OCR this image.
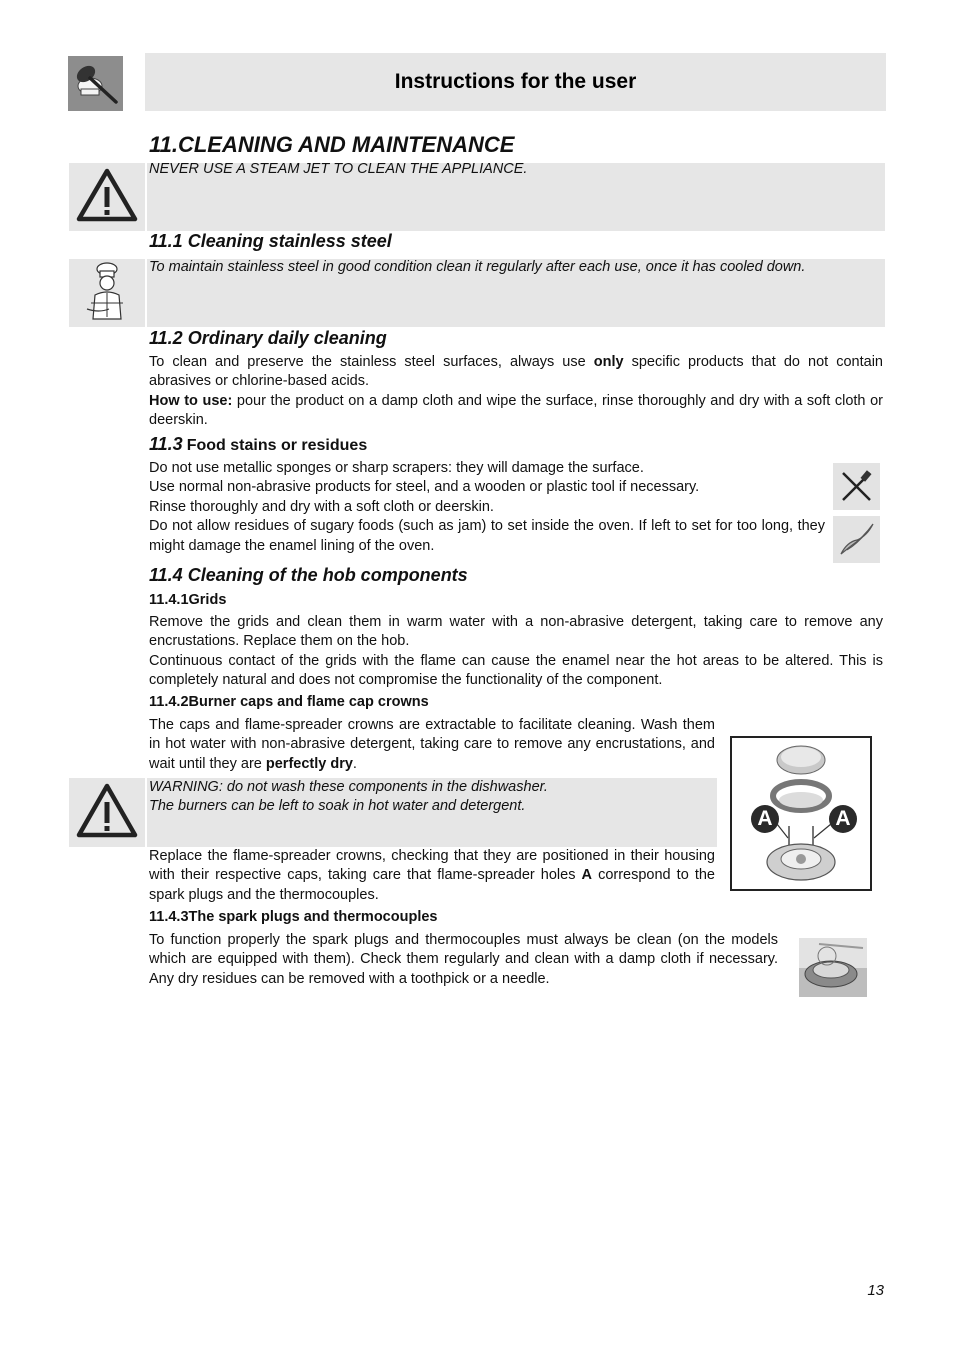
Instructions for the user
11.CLEANING AND MAINTENANCE
NEVER USE A STEAM JET TO CLEAN THE APPLIANCE.
11.1 Cleaning stainless steel
To maintain stainless steel in good condition clean it regularly after each use, once it has cooled down.
11.2 Ordinary daily cleaning

To clean and preserve the stainless steel surfaces, always use only specific products that do not contain abrasives or chlorine-based acids.

How to use: pour the product on a damp cloth and wipe the surface, rinse thoroughly and dry with a soft cloth or deerskin.

11.3 Food stains or residues

Do not use metallic sponges or sharp scrapers: they will damage the surface.

Use normal non-abrasive products for steel, and a wooden or plastic tool if necessary.

Rinse thoroughly and dry with a soft cloth or deerskin.

Do not allow residues of sugary foods (such as jam) to set inside the oven. If left to set for too long, they might damage the enamel lining of the oven.

11.4 Cleaning of the hob components
11.4.1Grids

Remove the grids and clean them in warm water with a non-abrasive detergent, taking care to remove any encrustations. Replace them on the hob.

Continuous contact of the grids with the flame can cause the enamel near the hot areas to be altered. This is completely natural and does not compromise the functionality of the component.

11.4.2Burner caps and flame cap crowns

The caps and flame-spreader crowns are extractable to facilitate cleaning. Wash them in hot water with non-abrasive detergent, taking care to remove any encrustations, and wait until they are perfectly dry.

WARNING: do not wash these components in the dishwasher.

The burners can be left to soak in hot water and detergent.

Replace the flame-spreader crowns, checking that they are positioned in their housing with their respective caps, taking care that flame-spreader holes A correspond to the spark plugs and the thermocouples.

A	A
11.4.3The spark plugs and thermocouples

To function properly the spark plugs and thermocouples must always be clean (on the models which are equipped with them). Check them regularly and clean with a damp cloth if necessary. Any dry residues can be removed with a toothpick or a needle.

13
